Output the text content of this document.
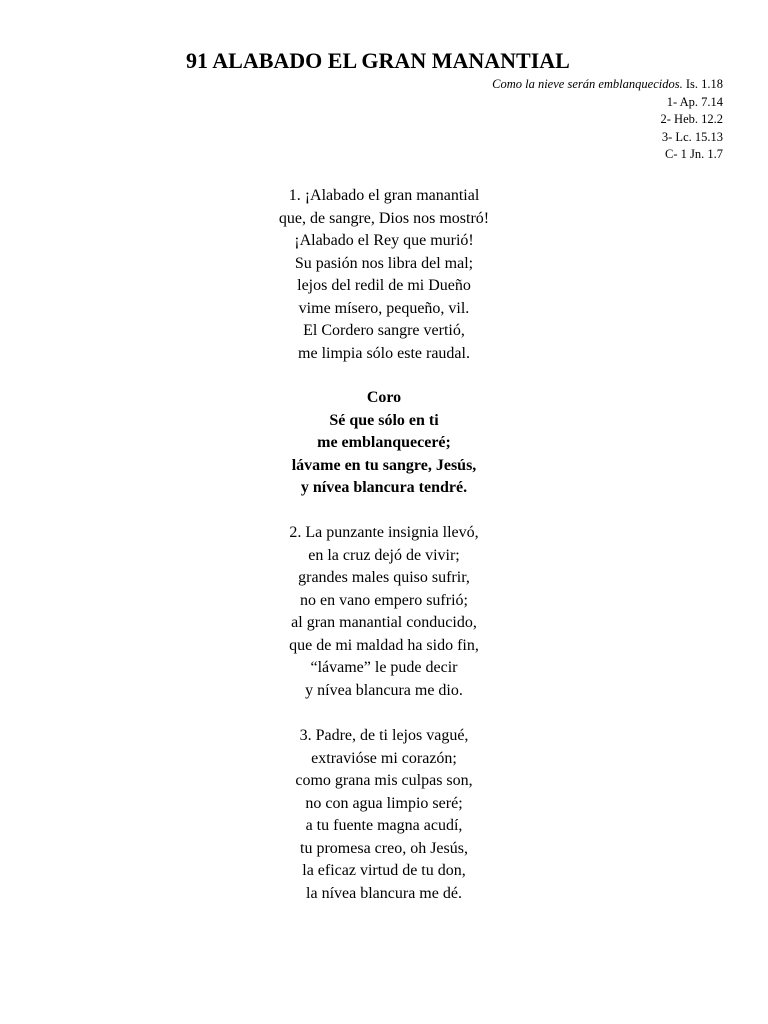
91 ALABADO EL GRAN MANANTIAL
Como la nieve serán emblanquecidos. Is. 1.18
1- Ap. 7.14
2- Heb. 12.2
3- Lc. 15.13
C- 1 Jn. 1.7
1. ¡Alabado el gran manantial
que, de sangre, Dios nos mostró!
¡Alabado el Rey que murió!
Su pasión nos libra del mal;
lejos del redil de mi Dueño
vime mísero, pequeño, vil.
El Cordero sangre vertió,
me limpia sólo este raudal.
Coro
Sé que sólo en ti
me emblanqueceré;
lávame en tu sangre, Jesús,
y nívea blancura tendré.
2. La punzante insignia llevó,
en la cruz dejó de vivir;
grandes males quiso sufrir,
no en vano empero sufrió;
al gran manantial conducido,
que de mi maldad ha sido fin,
“lávame” le pude decir
y nívea blancura me dio.
3. Padre, de ti lejos vagué,
extravióse mi corazón;
como grana mis culpas son,
no con agua limpio seré;
a tu fuente magna acudí,
tu promesa creo, oh Jesús,
la eficaz virtud de tu don,
la nívea blancura me dé.
